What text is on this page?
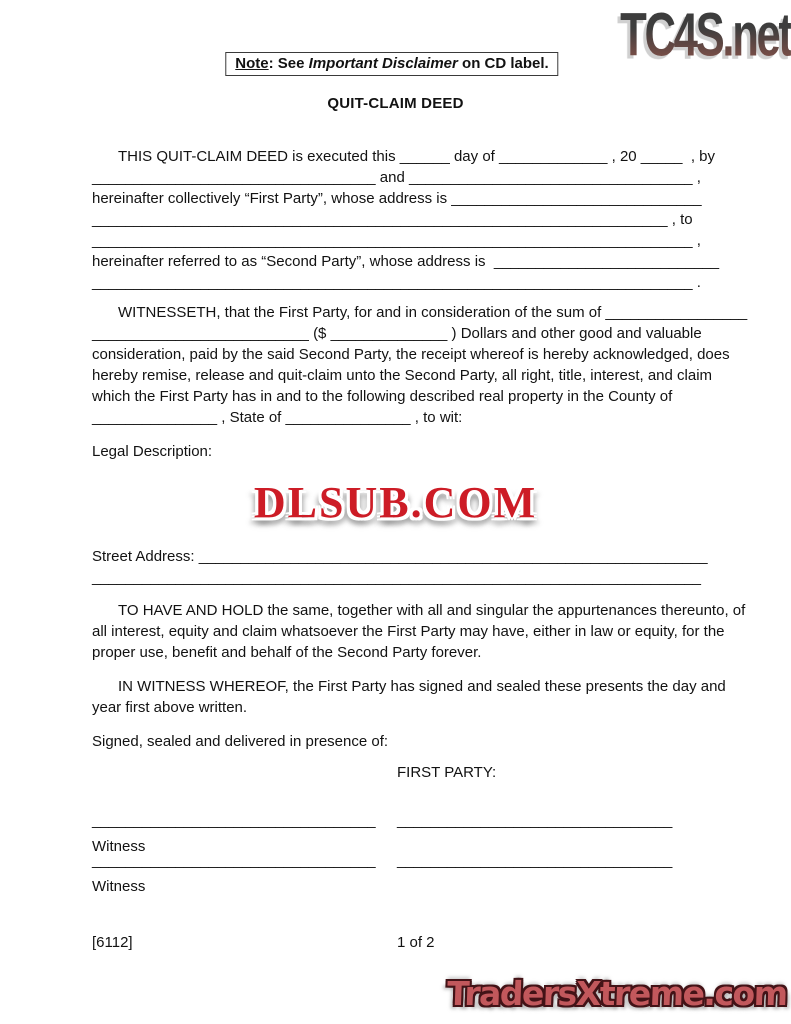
TC4S.net
Note: See Important Disclaimer on CD label.
QUIT-CLAIM DEED
THIS QUIT-CLAIM DEED is executed this ______ day of _____________ , 20 _____  , by
__________________________________ and __________________________________ ,
hereinafter collectively “First Party”, whose address is ______________________________
_____________________________________________________________________ , to
________________________________________________________________________ ,
hereinafter referred to as “Second Party”, whose address is  ___________________________
________________________________________________________________________ .
WITNESSETH, that the First Party, for and in consideration of the sum of _________________
__________________________ ($ ______________ ) Dollars and other good and valuable
consideration, paid by the said Second Party, the receipt whereof is hereby acknowledged, does
hereby remise, release and quit-claim unto the Second Party, all right, title, interest, and claim
which the First Party has in and to the following described real property in the County of
_______________ , State of _______________ , to wit:
Legal Description:
DLSUB.COM
Street Address: _____________________________________________________________
_________________________________________________________________________
TO HAVE AND HOLD the same, together with all and singular the appurtenances thereunto, of
all interest, equity and claim whatsoever the First Party may have, either in law or equity, for the
proper use, benefit and behalf of the Second Party forever.
IN WITNESS WHEREOF, the First Party has signed and sealed these presents the day and
year first above written.
Signed, sealed and delivered in presence of:
FIRST PARTY:
__________________________________ _________________________________
Witness
__________________________________ _________________________________
Witness
[6112]	1 of 2
TradersXtreme.com
